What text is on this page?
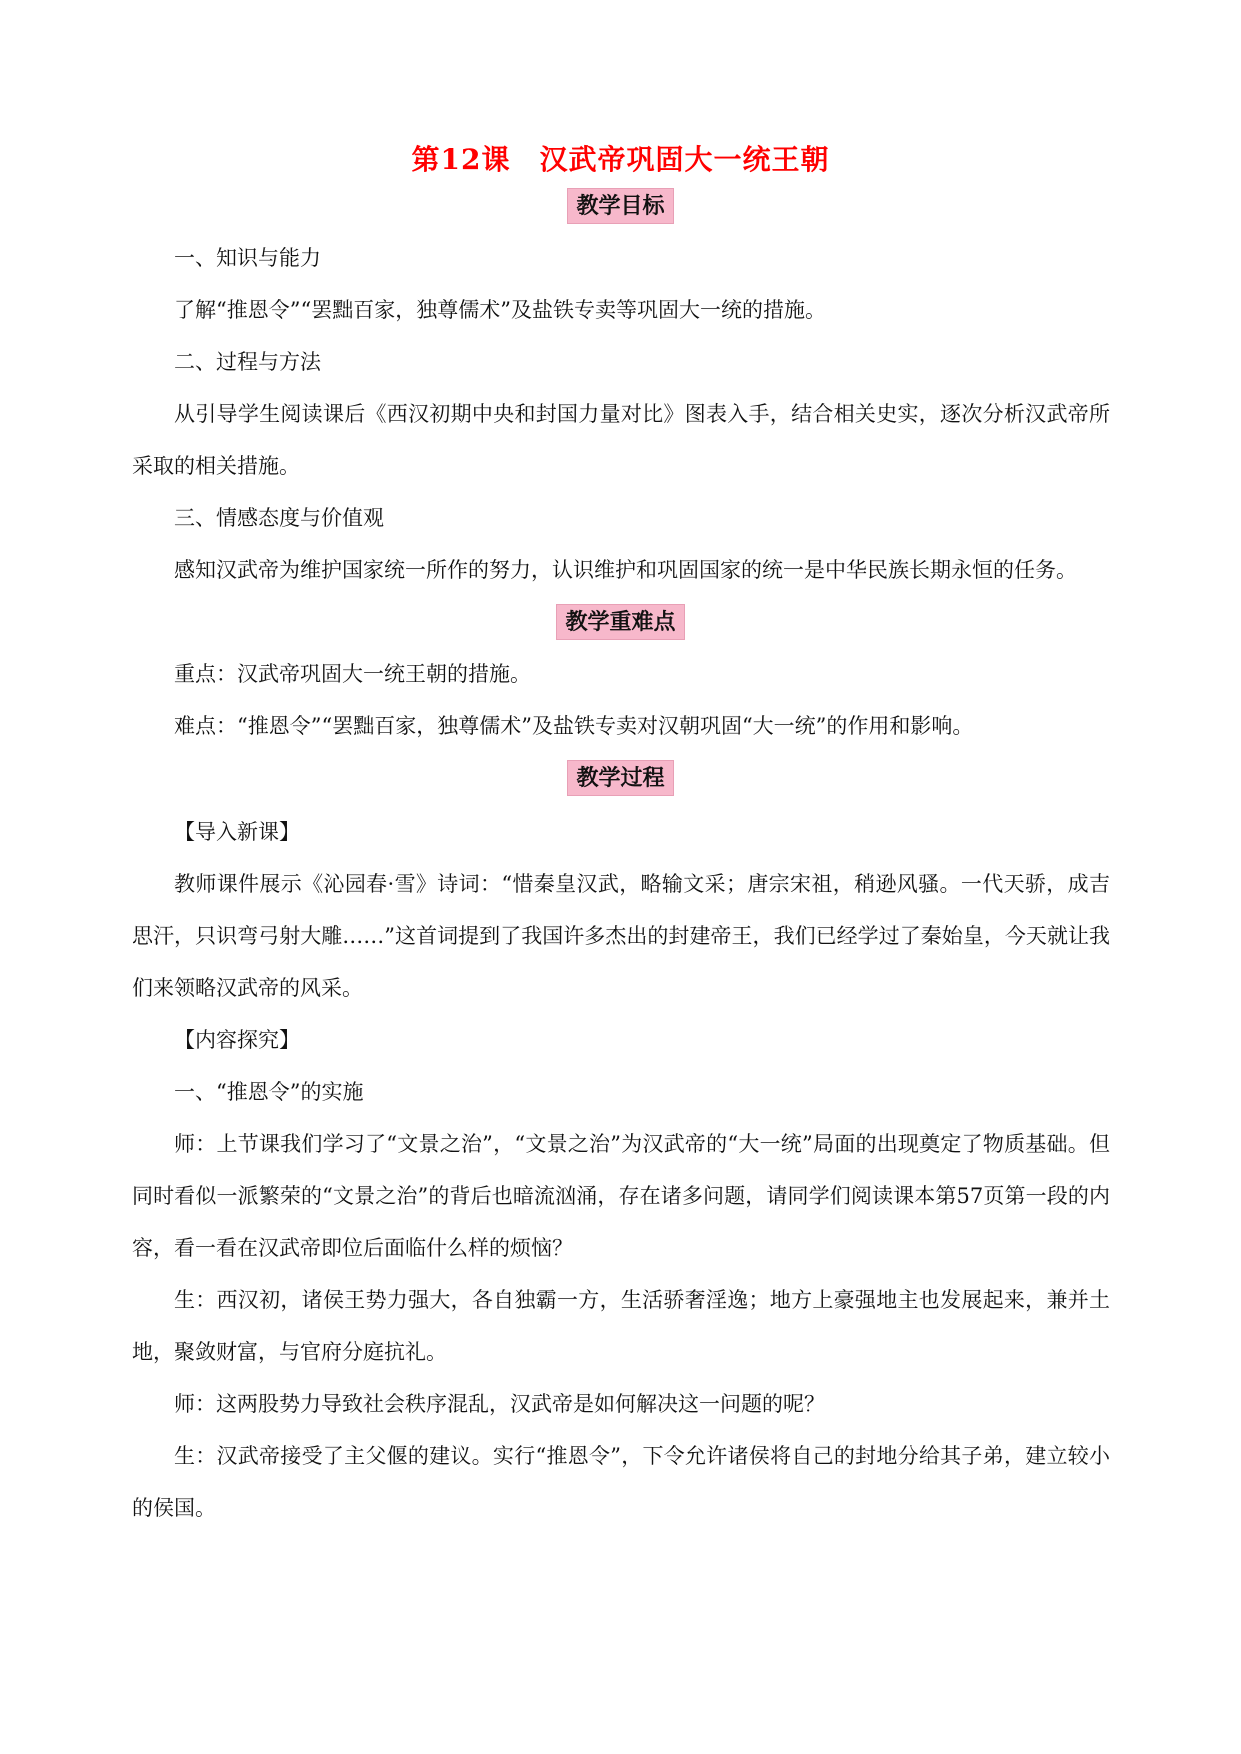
第12课　汉武帝巩固大一统王朝
教学目标
一、知识与能力
了解“推恩令”“罢黜百家，独尊儒术”及盐铁专卖等巩固大一统的措施。
二、过程与方法
从引导学生阅读课后《西汉初期中央和封国力量对比》图表入手，结合相关史实，逐次分析汉武帝所采取的相关措施。
三、情感态度与价值观
感知汉武帝为维护国家统一所作的努力，认识维护和巩固国家的统一是中华民族长期永恒的任务。
教学重难点
重点：汉武帝巩固大一统王朝的措施。
难点：“推恩令”“罢黜百家，独尊儒术”及盐铁专卖对汉朝巩固“大一统”的作用和影响。
教学过程
【导入新课】
教师课件展示《沁园春·雪》诗词：“惜秦皇汉武，略输文采；唐宗宋祖，稍逊风骚。一代天骄，成吉思汗，只识弯弓射大雕……”这首词提到了我国许多杰出的封建帝王，我们已经学过了秦始皇，今天就让我们来领略汉武帝的风采。
【内容探究】
一、“推恩令”的实施
师：上节课我们学习了“文景之治”，“文景之治”为汉武帝的“大一统”局面的出现奠定了物质基础。但同时看似一派繁荣的“文景之治”的背后也暗流汹涌，存在诸多问题，请同学们阅读课本第57页第一段的内容，看一看在汉武帝即位后面临什么样的烦恼？
生：西汉初，诸侯王势力强大，各自独霸一方，生活骄奢淫逸；地方上豪强地主也发展起来，兼并土地，聚敛财富，与官府分庭抗礼。
师：这两股势力导致社会秩序混乱，汉武帝是如何解决这一问题的呢？
生：汉武帝接受了主父偃的建议。实行“推恩令”，下令允许诸侯将自己的封地分给其子弟，建立较小的侯国。
